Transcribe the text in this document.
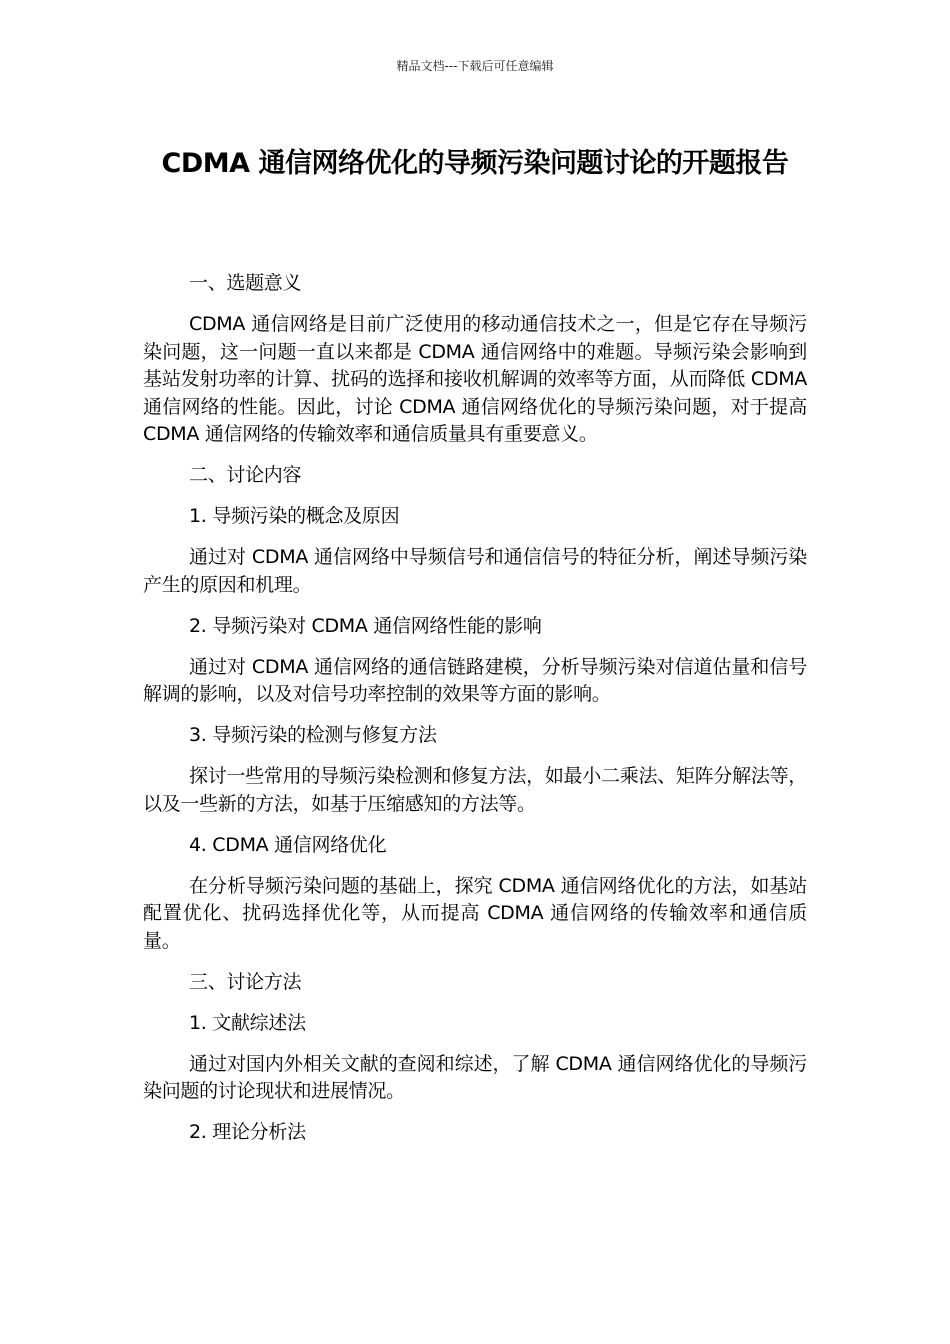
精品文档---下载后可任意编辑
CDMA 通信网络优化的导频污染问题讨论的开题报告

一、选题意义

CDMA 通信网络是目前广泛使用的移动通信技术之一，但是它存在导频污染问题，这一问题一直以来都是 CDMA 通信网络中的难题。导频污染会影响到基站发射功率的计算、扰码的选择和接收机解调的效率等方面，从而降低 CDMA 通信网络的性能。因此，讨论 CDMA 通信网络优化的导频污染问题，对于提高 CDMA 通信网络的传输效率和通信质量具有重要意义。

二、讨论内容

1. 导频污染的概念及原因

通过对 CDMA 通信网络中导频信号和通信信号的特征分析，阐述导频污染产生的原因和机理。

2. 导频污染对 CDMA 通信网络性能的影响

通过对 CDMA 通信网络的通信链路建模，分析导频污染对信道估量和信号解调的影响，以及对信号功率控制的效果等方面的影响。

3. 导频污染的检测与修复方法

探讨一些常用的导频污染检测和修复方法，如最小二乘法、矩阵分解法等，以及一些新的方法，如基于压缩感知的方法等。

4. CDMA 通信网络优化

在分析导频污染问题的基础上，探究 CDMA 通信网络优化的方法，如基站配置优化、扰码选择优化等，从而提高 CDMA 通信网络的传输效率和通信质量。

三、讨论方法

1. 文献综述法

通过对国内外相关文献的查阅和综述，了解 CDMA 通信网络优化的导频污染问题的讨论现状和进展情况。

2. 理论分析法
